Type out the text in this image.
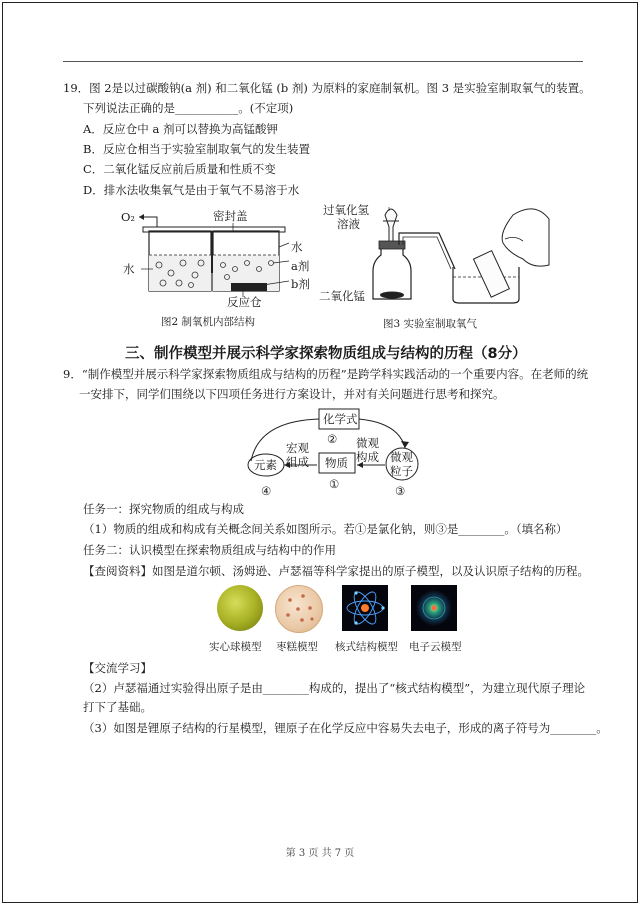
19．图 2是以过碳酸钠(a 剂) 和二氧化锰 (b 剂) 为原料的家庭制氧机。图 3 是实验室制取氧气的装置。
下列说法正确的是___________。(不定项)
A．反应仓中 a 剂可以替换为高锰酸钾
B．反应仓相当于实验室制取氧气的发生装置
C．二氧化锰反应前后质量和性质不变
D．排水法收集氧气是由于氧气不易溶于水
O₂	密封盖
水
a剂
b剂
水
反应仓
图2 制氧机内部结构
过氧化氢
溶液
二氧化锰
图3 实验室制取氧气
三、制作模型并展示科学家探索物质组成与结构的历程（8分）
9．“制作模型并展示科学家探索物质组成与结构的历程”是跨学科实践活动的一个重要内容。在老师的统
一安排下，同学们围绕以下四项任务进行方案设计，并对有关问题进行思考和探究。
化学式
②
物质
①
元素
④
微观
粒子
③
宏观
组成
微观
构成
任务一：探究物质的组成与构成
（1）物质的组成和构成有关概念间关系如图所示。若①是氯化钠，则③是________。（填名称）
任务二：认识模型在探索物质组成与结构中的作用
【查阅资料】如图是道尔顿、汤姆逊、卢瑟福等科学家提出的原子模型，以及认识原子结构的历程。
实心球模型 枣糕模型 核式结构模型 电子云模型
【交流学习】
（2）卢瑟福通过实验得出原子是由________构成的，提出了“核式结构模型”，为建立现代原子理论
打下了基础。
（3）如图是锂原子结构的行星模型，锂原子在化学反应中容易失去电子，形成的离子符号为________。
第 3 页 共 7 页
